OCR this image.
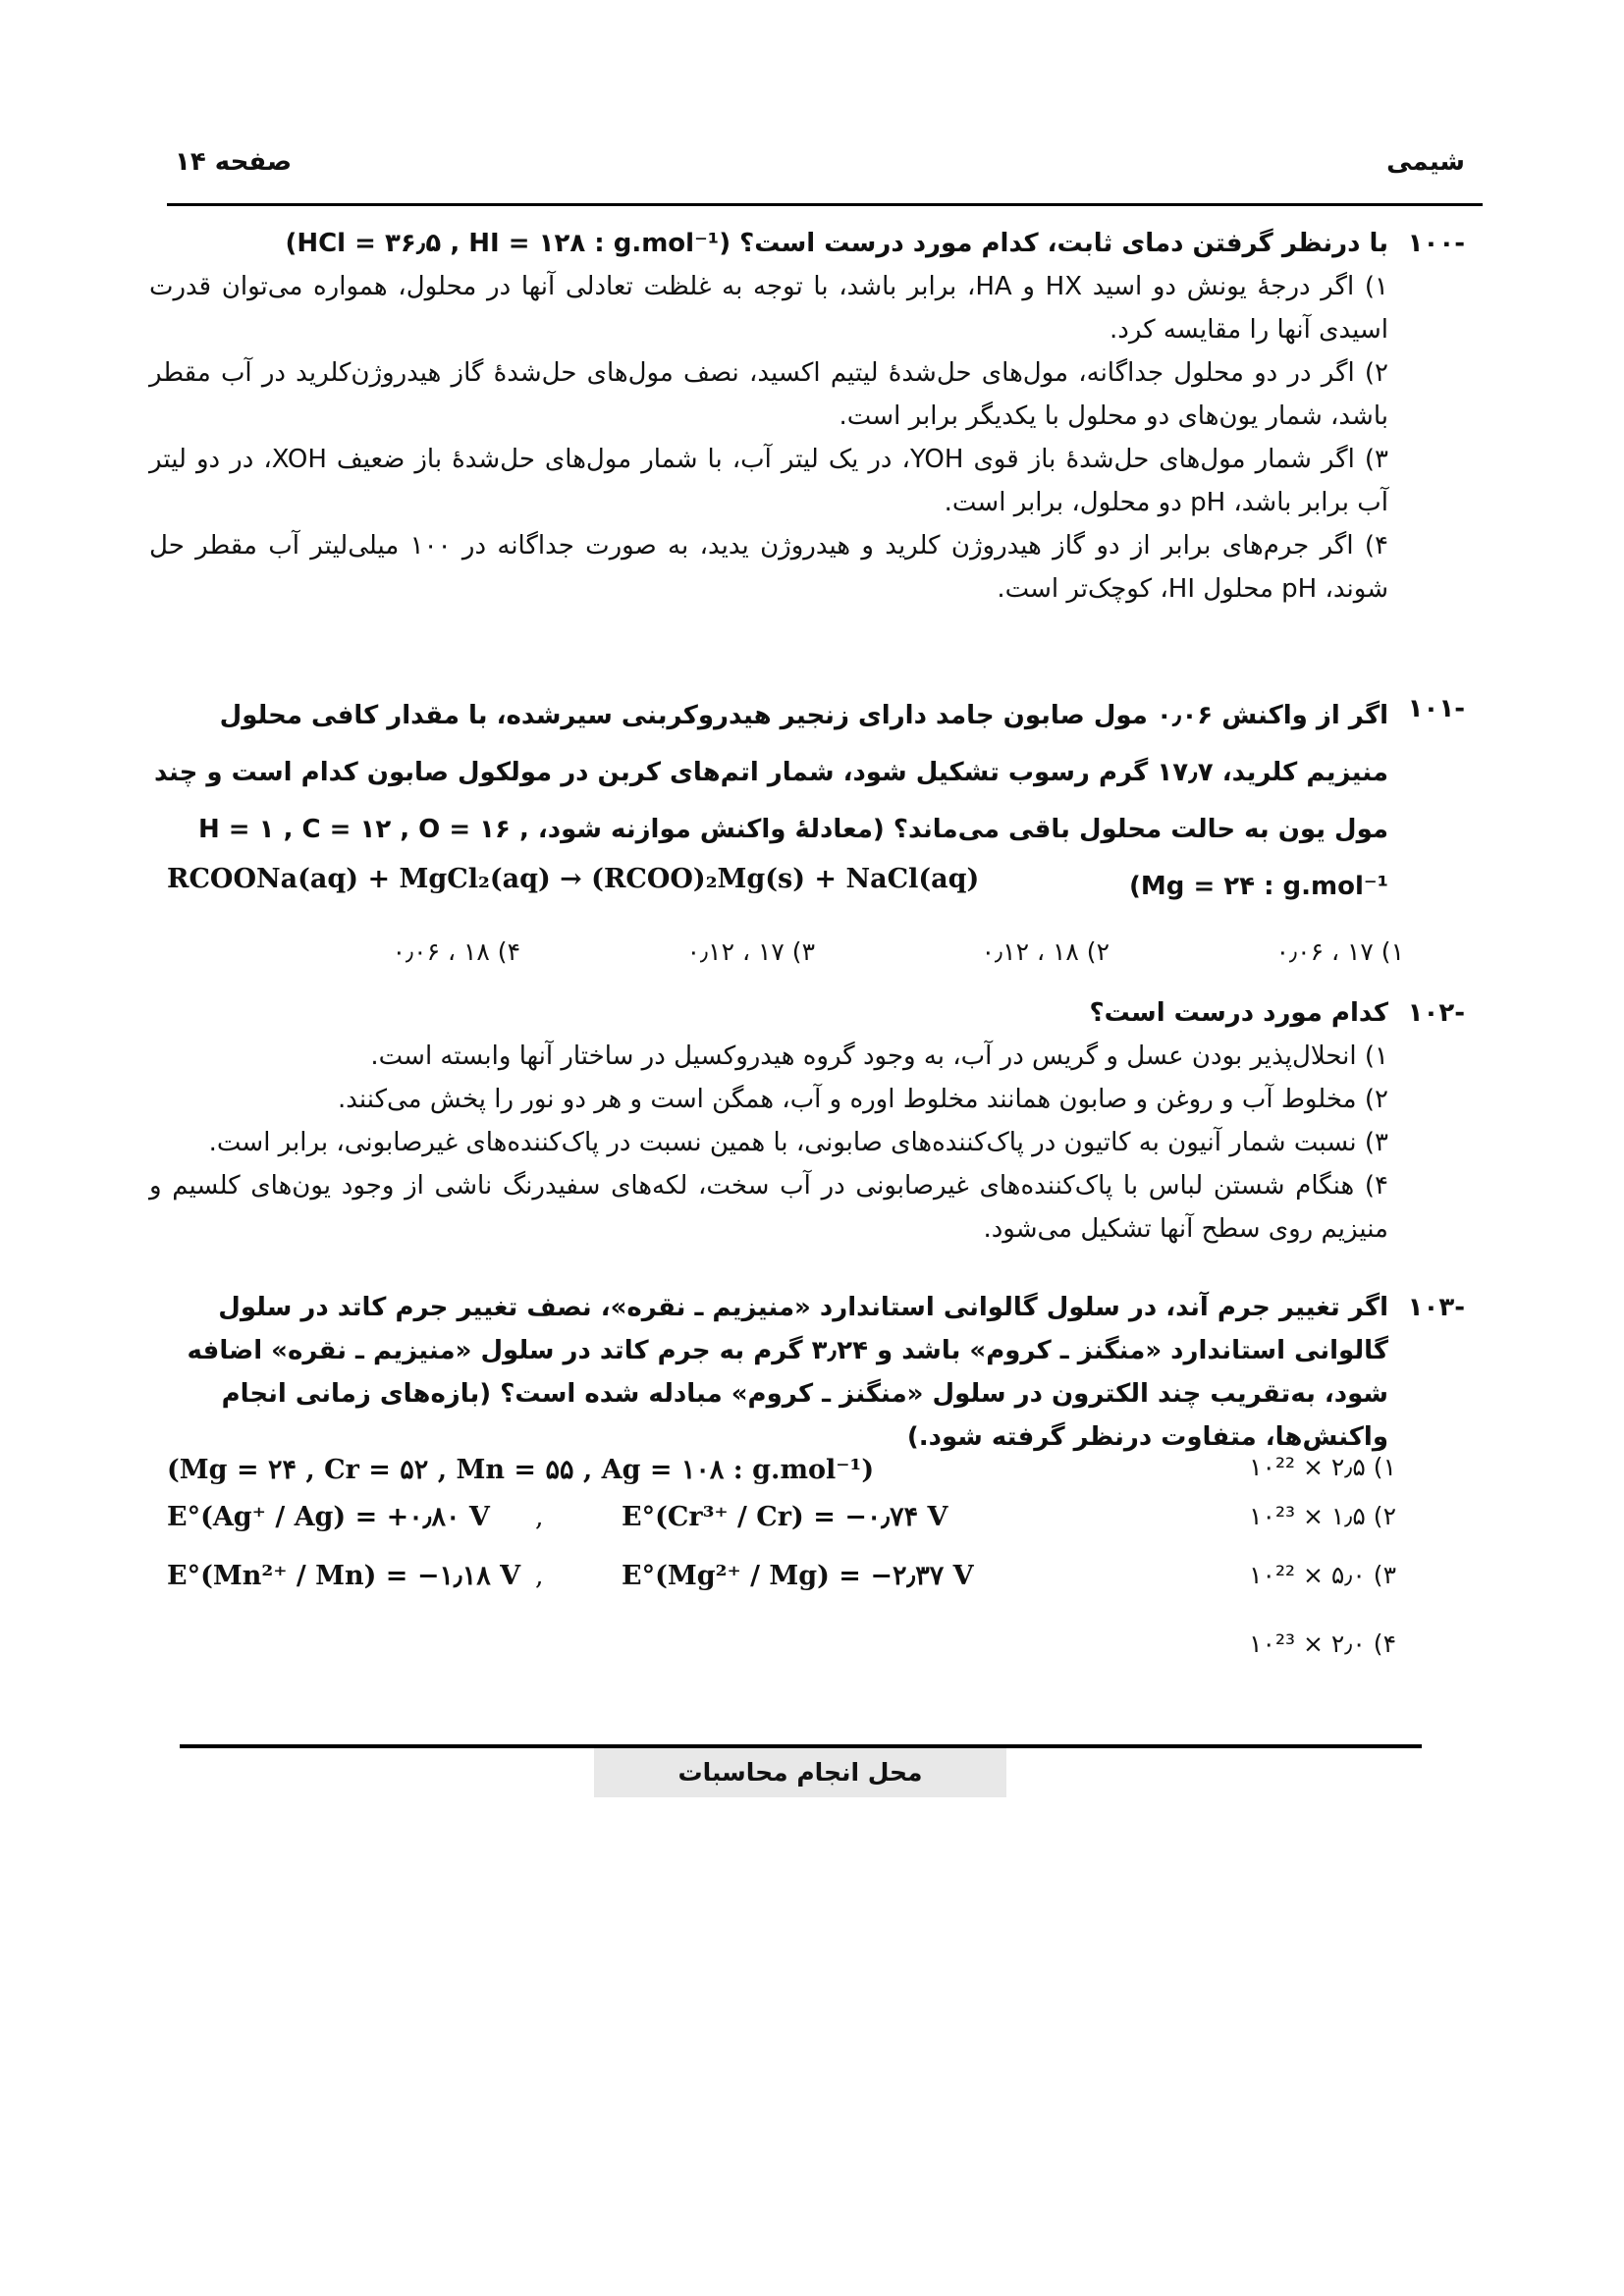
شیمی
صفحه ۱۴
-۱۰۰
با درنظر گرفتن دمای ثابت، کدام مورد درست است؟ (HCl = ۳۶٫۵ , HI = ۱۲۸ : g.mol⁻¹)
۱) اگر درجهٔ یونش دو اسید HX و HA، برابر باشد، با توجه به غلظت تعادلی آنها در محلول، همواره می‌توان قدرت اسیدی آنها را مقایسه کرد.
۲) اگر در دو محلول جداگانه، مول‌های حل‌شدهٔ لیتیم اکسید، نصف مول‌های حل‌شدهٔ گاز هیدروژن‌کلرید در آب مقطر باشد، شمار یون‌های دو محلول با یکدیگر برابر است.
۳) اگر شمار مول‌های حل‌شدهٔ باز قوی YOH، در یک لیتر آب، با شمار مول‌های حل‌شدهٔ باز ضعیف XOH، در دو لیتر آب برابر باشد، pH دو محلول، برابر است.
۴) اگر جرم‌های برابر از دو گاز هیدروژن کلرید و هیدروژن یدید، به صورت جداگانه در ۱۰۰ میلی‌لیتر آب مقطر حل شوند، pH محلول HI، کوچک‌تر است.
-۱۰۱
اگر از واکنش ۰٫۰۶ مول صابون جامد دارای زنجیر هیدروکربنی سیرشده، با مقدار کافی محلول منیزیم کلرید، ۱۷٫۷ گرم رسوب تشکیل شود، شمار اتم‌های کربن در مولکول صابون کدام است و چند مول یون به حالت محلول باقی می‌ماند؟ (معادلهٔ واکنش موازنه شود، H = ۱ , C = ۱۲ , O = ۱۶ , Mg = ۲۴ : g.mol⁻¹)
RCOONa(aq) + MgCl₂(aq) → (RCOO)₂Mg(s) + NaCl(aq)
۱) ۱۷ ، ۰٫۰۶
۲) ۱۸ ، ۰٫۱۲
۳) ۱۷ ، ۰٫۱۲
۴) ۱۸ ، ۰٫۰۶
-۱۰۲
کدام مورد درست است؟
۱) انحلال‌پذیر بودن عسل و گریس در آب، به وجود گروه هیدروکسیل در ساختار آنها وابسته است.
۲) مخلوط آب و روغن و صابون همانند مخلوط اوره و آب، همگن است و هر دو نور را پخش می‌کنند.
۳) نسبت شمار آنیون به کاتیون در پاک‌کننده‌های صابونی، با همین نسبت در پاک‌کننده‌های غیرصابونی، برابر است.
۴) هنگام شستن لباس با پاک‌کننده‌های غیرصابونی در آب سخت، لکه‌های سفیدرنگ ناشی از وجود یون‌های کلسیم و منیزیم روی سطح آنها تشکیل می‌شود.
-۱۰۳
اگر تغییر جرم آند، در سلول گالوانی استاندارد «منیزیم ـ نقره»، نصف تغییر جرم کاتد در سلول گالوانی استاندارد «منگنز ـ کروم» باشد و ۳٫۲۴ گرم به جرم کاتد در سلول «منیزیم ـ نقره» اضافه شود، به‌تقریب چند الکترون در سلول «منگنز ـ کروم» مبادله شده است؟ (بازه‌های زمانی انجام واکنش‌ها، متفاوت درنظر گرفته شود.)
(Mg = ۲۴ , Cr = ۵۲ , Mn = ۵۵ , Ag = ۱۰۸ : g.mol⁻¹)
E°(Ag⁺ / Ag) = +۰٫۸۰ V ,	E°(Cr³⁺ / Cr) = −۰٫۷۴ V
E°(Mn²⁺ / Mn) = −۱٫۱۸ V ,	E°(Mg²⁺ / Mg) = −۲٫۳۷ V
۱) ۲٫۵ × ۱۰²²
۲) ۱٫۵ × ۱۰²³
۳) ۵٫۰ × ۱۰²²
۴) ۲٫۰ × ۱۰²³
محل انجام محاسبات
